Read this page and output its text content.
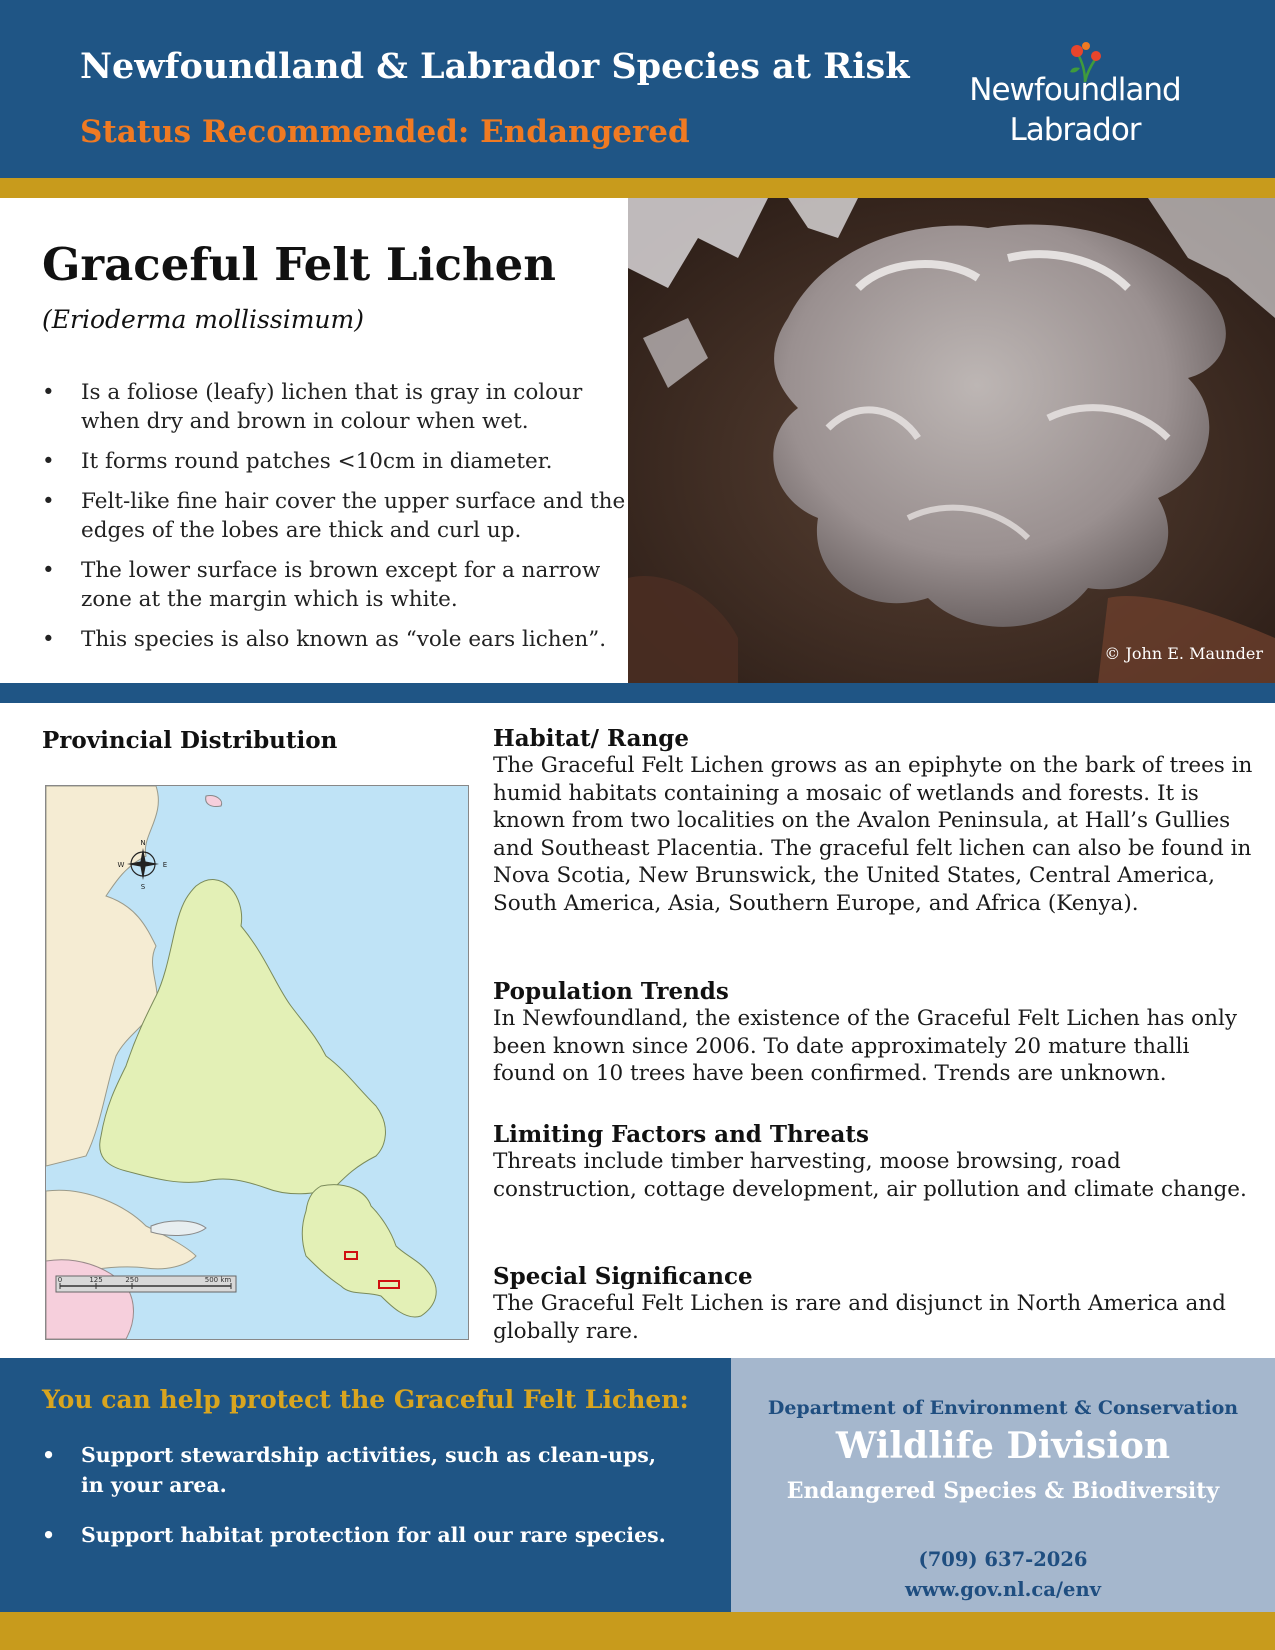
Newfoundland & Labrador Species at Risk
Status Recommended: Endangered
Newfoundland
Labrador
Graceful Felt Lichen
(Erioderma mollissimum)
• Is a foliose (leafy) lichen that is gray in colour when dry and brown in colour when wet.
• It forms round patches <10cm in diameter.
• Felt-like fine hair cover the upper surface and the edges of the lobes are thick and curl up.
• The lower surface is brown except for a narrow zone at the margin which is white.
• This species is also known as “vole ears lichen”.
© John E. Maunder
Provincial Distribution
N
S
E
W
0	125	250	500 km

Habitat/ Range

The Graceful Felt Lichen grows as an epiphyte on the bark of trees in humid habitats containing a mosaic of wetlands and forests. It is known from two localities on the Avalon Peninsula, at Hall’s Gullies and Southeast Placentia. The graceful felt lichen can also be found in Nova Scotia, New Brunswick, the United States, Central America, South America, Asia, Southern Europe, and Africa (Kenya).

Population Trends

In Newfoundland, the existence of the Graceful Felt Lichen has only been known since 2006. To date approximately 20 mature thalli found on 10 trees have been confirmed. Trends are unknown.

Limiting Factors and Threats

Threats include timber harvesting, moose browsing, road construction, cottage development, air pollution and climate change.

Special Significance

The Graceful Felt Lichen is rare and disjunct in North America and globally rare.

You can help protect the Graceful Felt Lichen:
• Support stewardship activities, such as clean-ups, in your area.
• Support habitat protection for all our rare species.
Department of Environment & Conservation
Wildlife Division
Endangered Species & Biodiversity
(709) 637-2026
www.gov.nl.ca/env
